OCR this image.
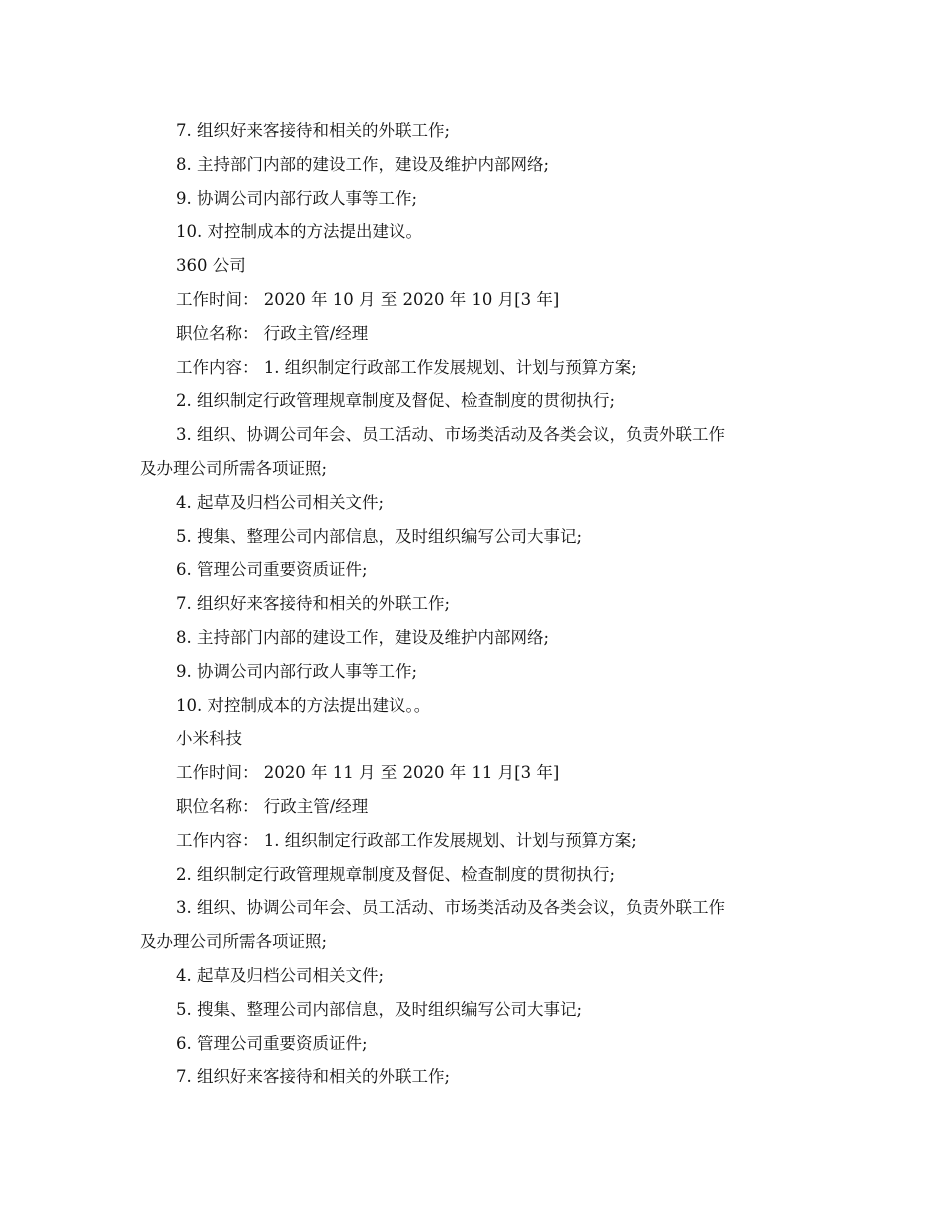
7. 组织好来客接待和相关的外联工作;
8. 主持部门内部的建设工作，建设及维护内部网络;
9. 协调公司内部行政人事等工作;
10. 对控制成本的方法提出建议。
360 公司
工作时间： 2020 年 10 月 至 2020 年 10 月[3 年]
职位名称： 行政主管/经理
工作内容： 1. 组织制定行政部工作发展规划、计划与预算方案;
2. 组织制定行政管理规章制度及督促、检查制度的贯彻执行;
3. 组织、协调公司年会、员工活动、市场类活动及各类会议，负责外联工作
及办理公司所需各项证照;
4. 起草及归档公司相关文件;
5. 搜集、整理公司内部信息，及时组织编写公司大事记;
6. 管理公司重要资质证件;
7. 组织好来客接待和相关的外联工作;
8. 主持部门内部的建设工作，建设及维护内部网络;
9. 协调公司内部行政人事等工作;
10. 对控制成本的方法提出建议。。
小米科技
工作时间： 2020 年 11 月 至 2020 年 11 月[3 年]
职位名称： 行政主管/经理
工作内容： 1. 组织制定行政部工作发展规划、计划与预算方案;
2. 组织制定行政管理规章制度及督促、检查制度的贯彻执行;
3. 组织、协调公司年会、员工活动、市场类活动及各类会议，负责外联工作
及办理公司所需各项证照;
4. 起草及归档公司相关文件;
5. 搜集、整理公司内部信息，及时组织编写公司大事记;
6. 管理公司重要资质证件;
7. 组织好来客接待和相关的外联工作;
